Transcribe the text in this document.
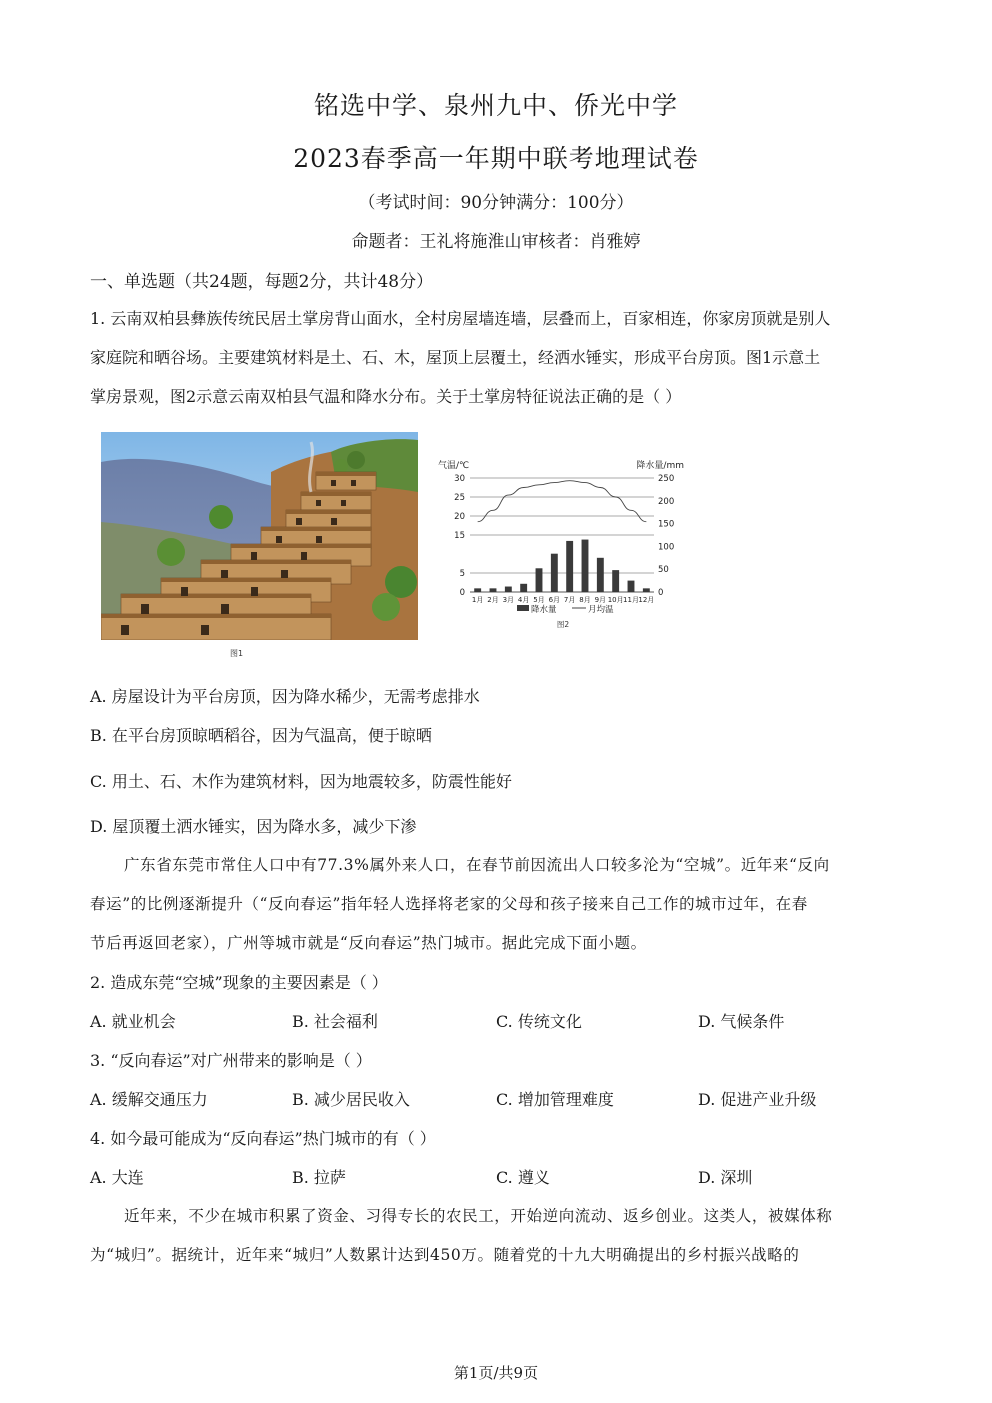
铭选中学、泉州九中、侨光中学
2023春季高一年期中联考地理试卷
（考试时间：90分钟满分：100分）
命题者：王礼将施淮山审核者：肖雅婷
一、单选题（共24题，每题2分，共计48分）
1. 云南双柏县彝族传统民居土掌房背山面水，全村房屋墙连墙，层叠而上，百家相连，你家房顶就是别人
家庭院和晒谷场。主要建筑材料是土、石、木，屋顶上层覆土，经洒水锤实，形成平台房顶。图1示意土
掌房景观，图2示意云南双柏县气温和降水分布。关于土掌房特征说法正确的是（ ）
图1
气温/℃	降水量/mm
0
5
15
20
25
30
0
50
100
150
200
250
1月 2月 3月 4月 5月 6月 7月 8月 9月 10月 11月 12月
降水量	月均温
图2
A. 房屋设计为平台房顶，因为降水稀少，无需考虑排水
B. 在平台房顶晾晒稻谷，因为气温高，便于晾晒
C. 用土、石、木作为建筑材料，因为地震较多，防震性能好
D. 屋顶覆土洒水锤实，因为降水多，减少下渗
广东省东莞市常住人口中有77.3%属外来人口，在春节前因流出人口较多沦为“空城”。近年来“反向
春运”的比例逐渐提升（“反向春运”指年轻人选择将老家的父母和孩子接来自己工作的城市过年，在春
节后再返回老家），广州等城市就是“反向春运”热门城市。据此完成下面小题。
2. 造成东莞“空城”现象的主要因素是（ ）
A. 就业机会	B. 社会福利	C. 传统文化	D. 气候条件
3. “反向春运”对广州带来的影响是（ ）
A. 缓解交通压力	B. 减少居民收入	C. 增加管理难度	D. 促进产业升级
4. 如今最可能成为“反向春运”热门城市的有（ ）
A. 大连	B. 拉萨	C. 遵义	D. 深圳
近年来，不少在城市积累了资金、习得专长的农民工，开始逆向流动、返乡创业。这类人，被媒体称
为“城归”。据统计，近年来“城归”人数累计达到450万。随着党的十九大明确提出的乡村振兴战略的
第1页/共9页
